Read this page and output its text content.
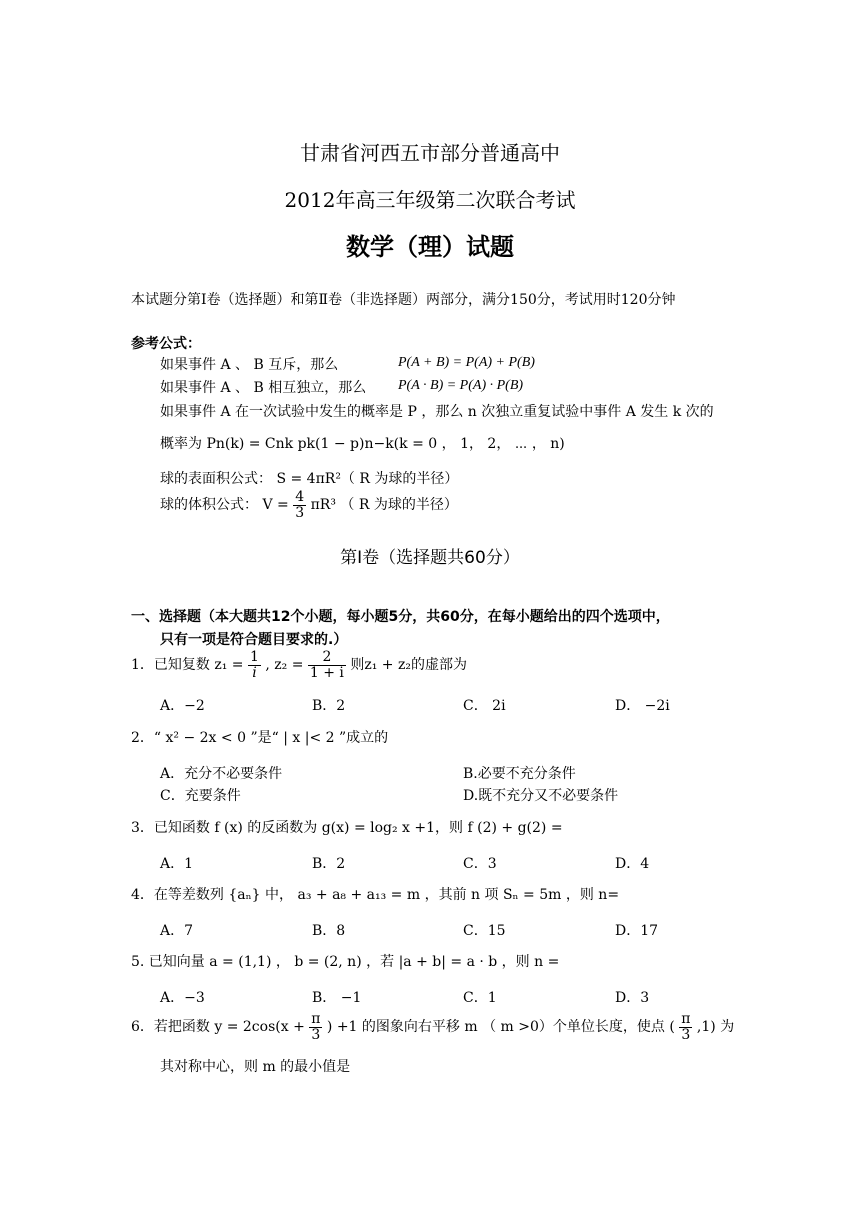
甘肃省河西五市部分普通高中
2012年高三年级第二次联合考试
数学（理）试题
本试题分第Ⅰ卷（选择题）和第Ⅱ卷（非选择题）两部分，满分150分，考试用时120分钟
参考公式：
如果事件 A 、 B 互斥，那么	P(A + B) = P(A) + P(B)
如果事件 A 、 B 相互独立，那么 P(A · B) = P(A) · P(B)
如果事件 A 在一次试验中发生的概率是 P ，那么 n 次独立重复试验中事件 A 发生 k 次的
概率为 Pn(k) = Cnk pk(1 − p)n−k(k = 0 ， 1， 2， ⋯ ， n)
球的表面积公式： S = 4πR²（ R 为球的半径）
球的体积公式： $V = \frac{4}{3} \pi R^3$ （ R 为球的半径）
第Ⅰ卷（选择题共60分）
一、选择题（本大题共12个小题，每小题5分，共60分，在每小题给出的四个选项中，
只有一项是符合题目要求的.）
1．已知复数 $z_1 = \frac{1}{i}$ , $z_2 = \frac{2}{1 + i}$ 则z₁ + z₂的虚部为
A．−2	B．2	C． 2i	D． −2i
2．“ x² − 2x < 0 ”是“ | x |< 2 ”成立的
A．充分不必要条件	B.必要不充分条件
C．充要条件	D.既不充分又不必要条件
3．已知函数 f (x) 的反函数为 g(x) = log₂ x +1，则 f (2) + g(2) =
A．1	B．2	C．3	D．4
4．在等差数列 {aₙ} 中， a₃ + a₈ + a₁₃ = m ，其前 n 项 Sₙ = 5m ，则 n=
A．7	B．8	C．15	D．17
5. 已知向量 a = (1,1) ， b = (2, n) ，若 |a + b| = a · b ，则 n =
A．−3	B． −1	C．1	D．3
6．若把函数 $y = 2\cos(x + \frac{\pi}{3}$ ) +1 的图象向右平移 m （ m >0）个单位长度，使点 ( $\frac{\pi}{3} ,1$) 为
其对称中心，则 m 的最小值是
